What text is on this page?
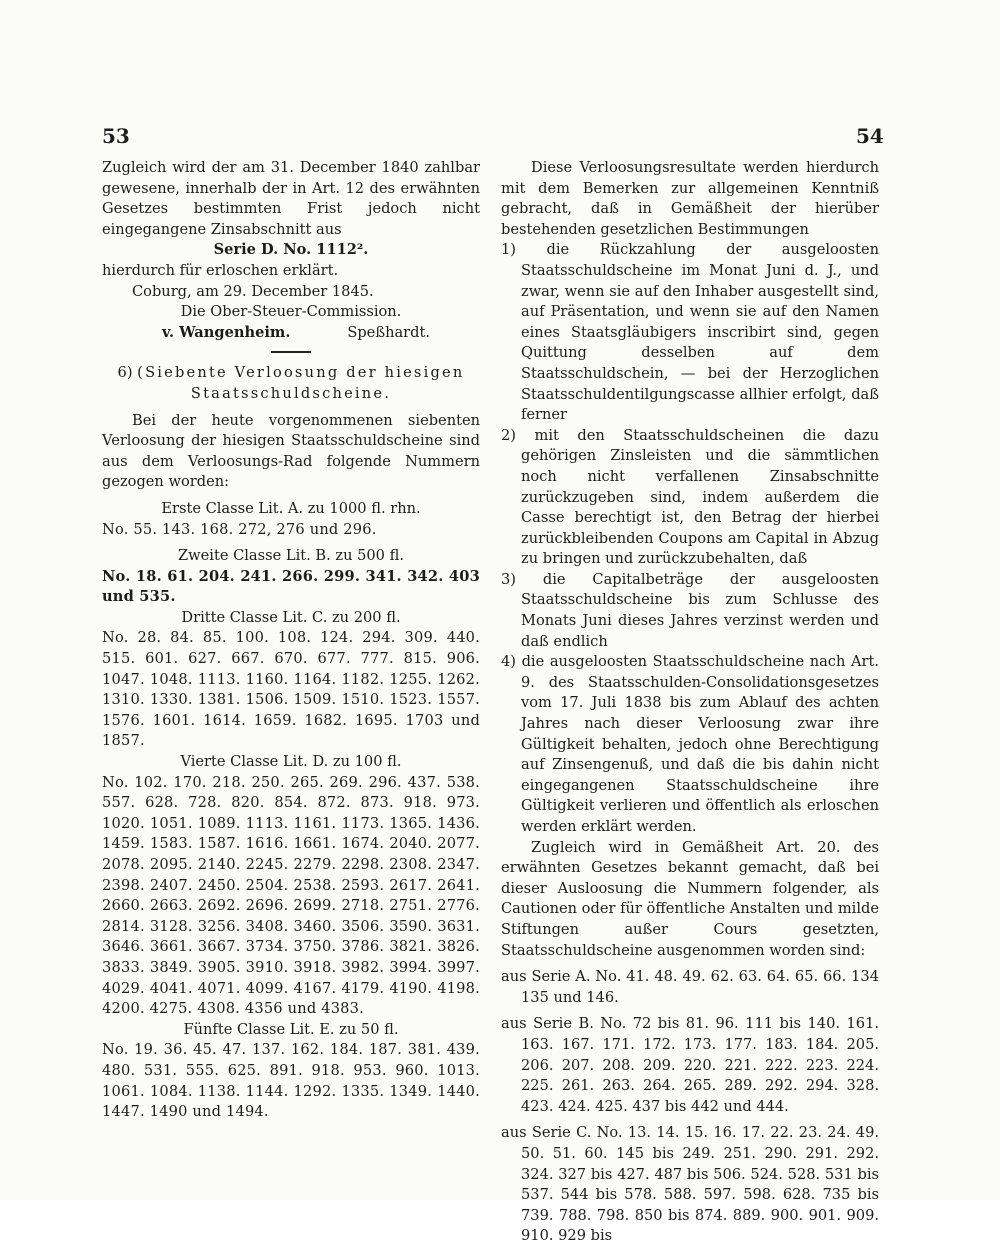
53	54

Zugleich wird der am 31. December 1840 zahlbar gewesene, innerhalb der in Art. 12 des erwähnten Gesetzes bestimmten Frist jedoch nicht eingegangene Zinsabschnitt aus

Serie D. No. 1112².

hierdurch für erloschen erklärt.

Coburg, am 29. December 1845.

Die Ober-Steuer-Commission.

v. Wangenheim.	Speßhardt.

6) (Siebente Verloosung der hiesigen Staatsschuldscheine.

Bei der heute vorgenommenen siebenten Verloosung der hiesigen Staatsschuldscheine sind aus dem Verloosungs-Rad folgende Nummern gezogen worden:

Erste Classe Lit. A. zu 1000 fl. rhn.

No. 55. 143. 168. 272, 276 und 296.

Zweite Classe Lit. B. zu 500 fl.

No. 18. 61. 204. 241. 266. 299. 341. 342. 403 und 535.

Dritte Classe Lit. C. zu 200 fl.

No. 28. 84. 85. 100. 108. 124. 294. 309. 440. 515. 601. 627. 667. 670. 677. 777. 815. 906. 1047. 1048. 1113. 1160. 1164. 1182. 1255. 1262. 1310. 1330. 1381. 1506. 1509. 1510. 1523. 1557. 1576. 1601. 1614. 1659. 1682. 1695. 1703 und 1857.

Vierte Classe Lit. D. zu 100 fl.

No. 102. 170. 218. 250. 265. 269. 296. 437. 538. 557. 628. 728. 820. 854. 872. 873. 918. 973. 1020. 1051. 1089. 1113. 1161. 1173. 1365. 1436. 1459. 1583. 1587. 1616. 1661. 1674. 2040. 2077. 2078. 2095. 2140. 2245. 2279. 2298. 2308. 2347. 2398. 2407. 2450. 2504. 2538. 2593. 2617. 2641. 2660. 2663. 2692. 2696. 2699. 2718. 2751. 2776. 2814. 3128. 3256. 3408. 3460. 3506. 3590. 3631. 3646. 3661. 3667. 3734. 3750. 3786. 3821. 3826. 3833. 3849. 3905. 3910. 3918. 3982. 3994. 3997. 4029. 4041. 4071. 4099. 4167. 4179. 4190. 4198. 4200. 4275. 4308. 4356 und 4383.

Fünfte Classe Lit. E. zu 50 fl.

No. 19. 36. 45. 47. 137. 162. 184. 187. 381. 439. 480. 531. 555. 625. 891. 918. 953. 960. 1013. 1061. 1084. 1138. 1144. 1292. 1335. 1349. 1440. 1447. 1490 und 1494.

Diese Verloosungsresultate werden hierdurch mit dem Bemerken zur allgemeinen Kenntniß gebracht, daß in Gemäßheit der hierüber bestehenden gesetzlichen Bestimmungen

1) die Rückzahlung der ausgeloosten Staatsschuldscheine im Monat Juni d. J., und zwar, wenn sie auf den Inhaber ausgestellt sind, auf Präsentation, und wenn sie auf den Namen eines Staatsgläubigers inscribirt sind, gegen Quittung desselben auf dem Staatsschuldschein, — bei der Herzoglichen Staatsschuldentilgungscasse allhier erfolgt, daß ferner

2) mit den Staatsschuldscheinen die dazu gehörigen Zinsleisten und die sämmtlichen noch nicht verfallenen Zinsabschnitte zurückzugeben sind, indem außerdem die Casse berechtigt ist, den Betrag der hierbei zurückbleibenden Coupons am Capital in Abzug zu bringen und zurückzubehalten, daß

3) die Capitalbeträge der ausgeloosten Staatsschuldscheine bis zum Schlusse des Monats Juni dieses Jahres verzinst werden und daß endlich

4) die ausgeloosten Staatsschuldscheine nach Art. 9. des Staatsschulden-Consolidationsgesetzes vom 17. Juli 1838 bis zum Ablauf des achten Jahres nach dieser Verloosung zwar ihre Gültigkeit behalten, jedoch ohne Berechtigung auf Zinsengenuß, und daß die bis dahin nicht eingegangenen Staatsschuldscheine ihre Gültigkeit verlieren und öffentlich als erloschen werden erklärt werden.

Zugleich wird in Gemäßheit Art. 20. des erwähnten Gesetzes bekannt gemacht, daß bei dieser Ausloosung die Nummern folgender, als Cautionen oder für öffentliche Anstalten und milde Stiftungen außer Cours gesetzten, Staatsschuldscheine ausgenommen worden sind:

aus Serie A. No. 41. 48. 49. 62. 63. 64. 65. 66. 134 135 und 146.

aus Serie B. No. 72 bis 81. 96. 111 bis 140. 161. 163. 167. 171. 172. 173. 177. 183. 184. 205. 206. 207. 208. 209. 220. 221. 222. 223. 224. 225. 261. 263. 264. 265. 289. 292. 294. 328. 423. 424. 425. 437 bis 442 und 444.

aus Serie C. No. 13. 14. 15. 16. 17. 22. 23. 24. 49. 50. 51. 60. 145 bis 249. 251. 290. 291. 292. 324. 327 bis 427. 487 bis 506. 524. 528. 531 bis 537. 544 bis 578. 588. 597. 598. 628. 735 bis 739. 788. 798. 850 bis 874. 889. 900. 901. 909. 910. 929 bis
